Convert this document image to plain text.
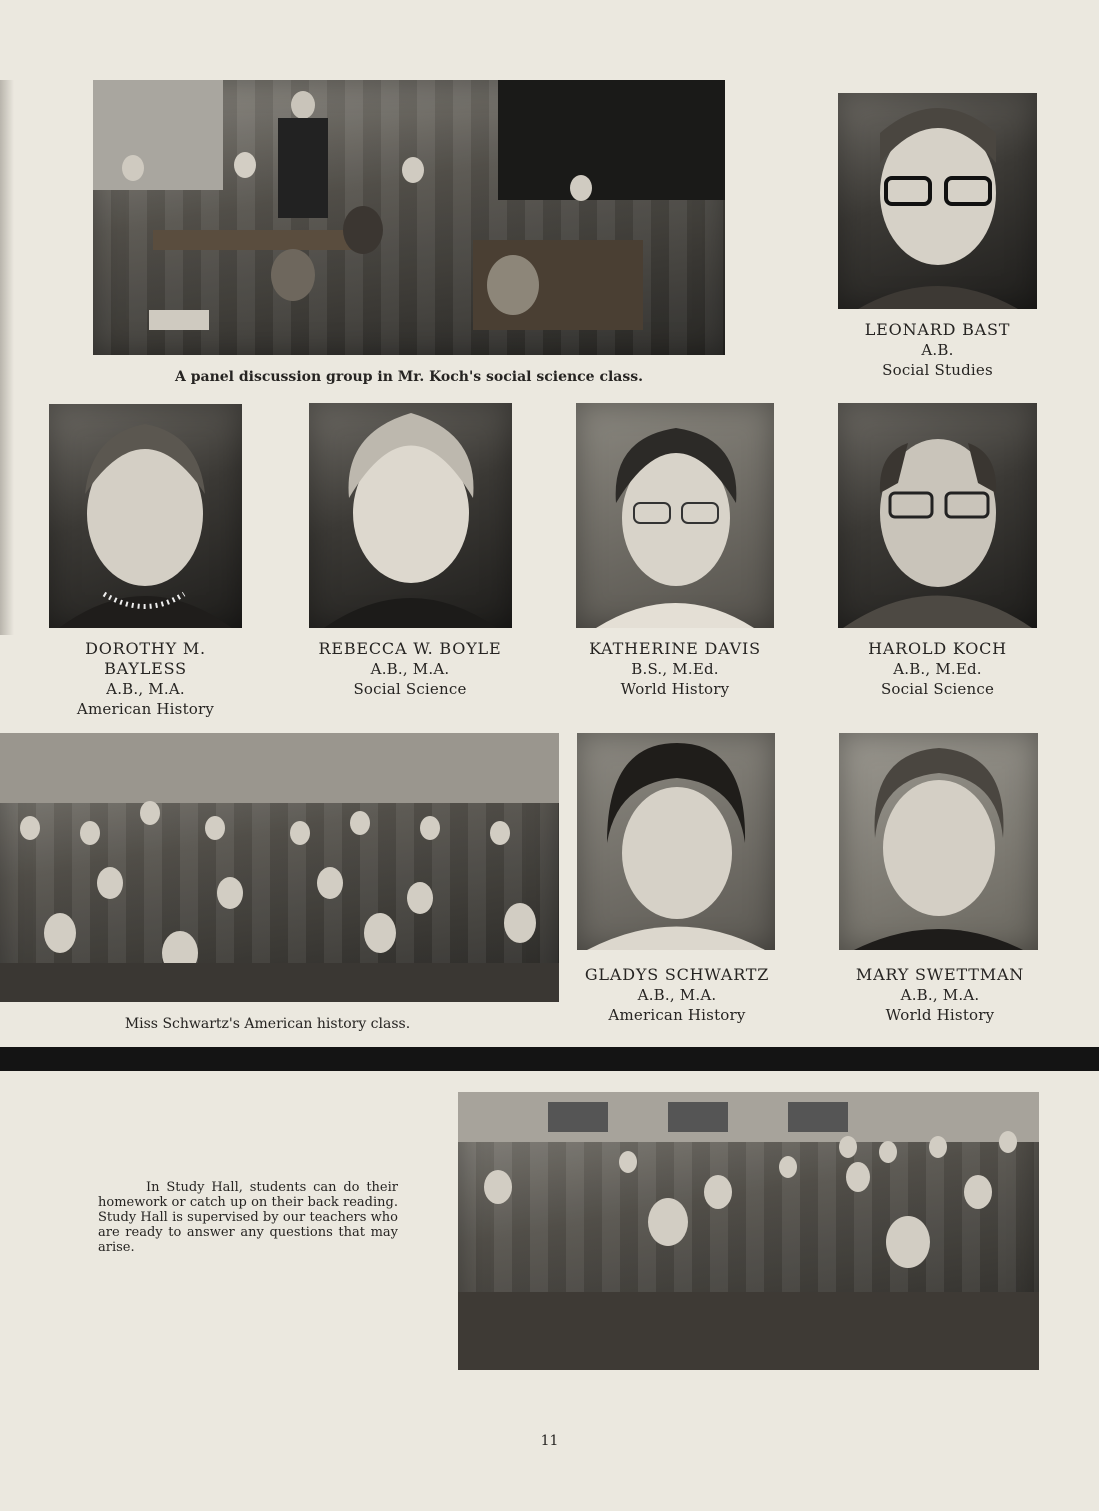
A panel discussion group in Mr. Koch's social science class.
LEONARD BAST
A.B.
Social Studies
DOROTHY M.
BAYLESS
A.B., M.A.
American History
REBECCA W. BOYLE
A.B., M.A.
Social Science
KATHERINE DAVIS
B.S., M.Ed.
World History
HAROLD KOCH
A.B., M.Ed.
Social Science
Miss Schwartz's American history class.
GLADYS SCHWARTZ
A.B., M.A.
American History
MARY SWETTMAN
A.B., M.A.
World History
In Study Hall, students can do their homework or catch up on their back reading. Study Hall is supervised by our teachers who are ready to answer any questions that may arise.
11
